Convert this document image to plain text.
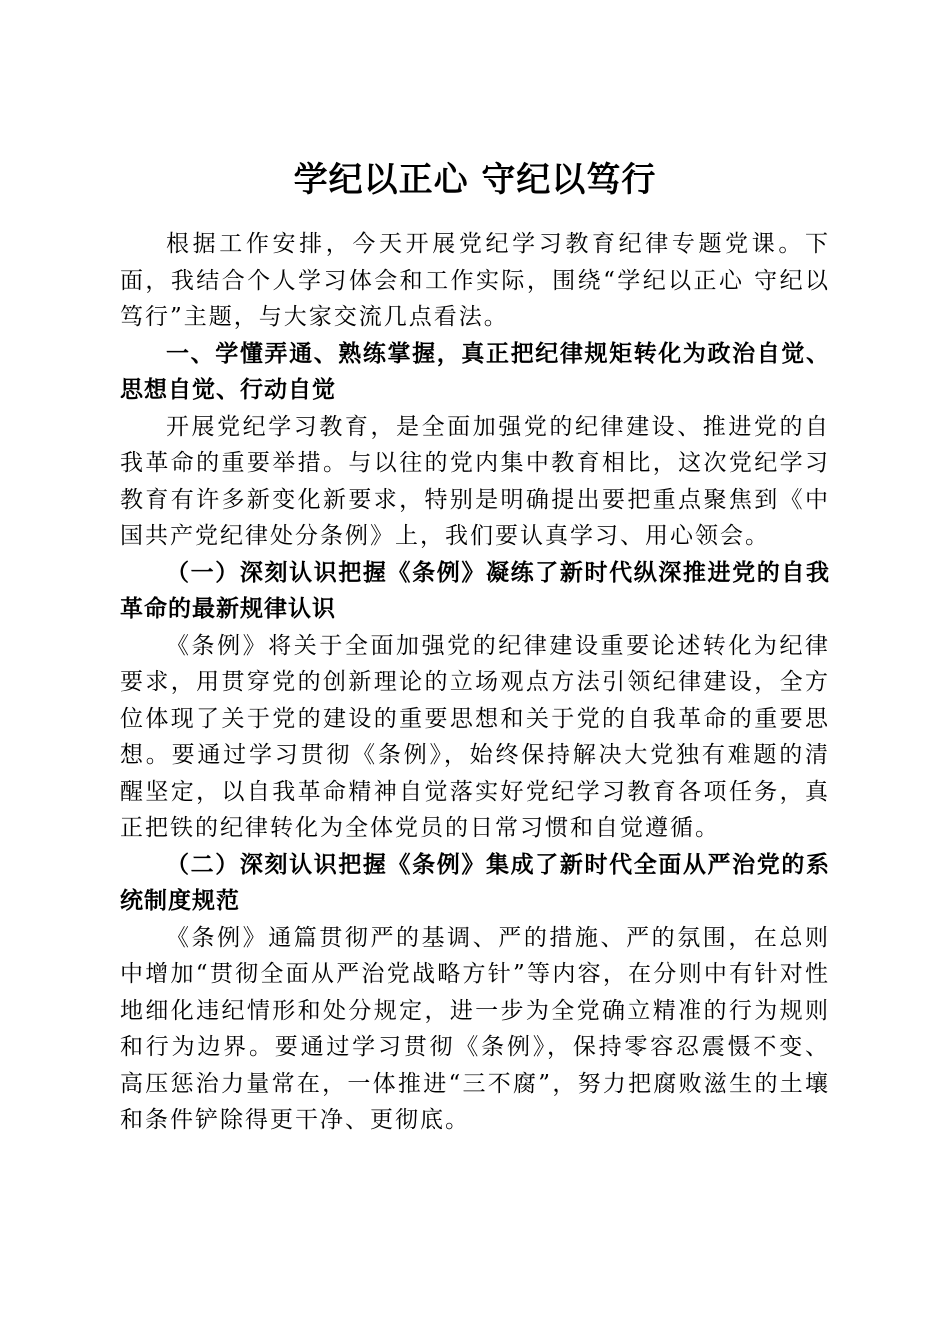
学纪以正心 守纪以笃行

根据工作安排，今天开展党纪学习教育纪律专题党课。下面，我结合个人学习体会和工作实际，围绕“学纪以正心 守纪以笃行”主题，与大家交流几点看法。

一、学懂弄通、熟练掌握，真正把纪律规矩转化为政治自觉、思想自觉、行动自觉

开展党纪学习教育，是全面加强党的纪律建设、推进党的自我革命的重要举措。与以往的党内集中教育相比，这次党纪学习教育有许多新变化新要求，特别是明确提出要把重点聚焦到《中国共产党纪律处分条例》上，我们要认真学习、用心领会。

（一）深刻认识把握《条例》凝练了新时代纵深推进党的自我革命的最新规律认识

《条例》将关于全面加强党的纪律建设重要论述转化为纪律要求，用贯穿党的创新理论的立场观点方法引领纪律建设，全方位体现了关于党的建设的重要思想和关于党的自我革命的重要思想。要通过学习贯彻《条例》，始终保持解决大党独有难题的清醒坚定，以自我革命精神自觉落实好党纪学习教育各项任务，真正把铁的纪律转化为全体党员的日常习惯和自觉遵循。

（二）深刻认识把握《条例》集成了新时代全面从严治党的系统制度规范

《条例》通篇贯彻严的基调、严的措施、严的氛围，在总则中增加“贯彻全面从严治党战略方针”等内容，在分则中有针对性地细化违纪情形和处分规定，进一步为全党确立精准的行为规则和行为边界。要通过学习贯彻《条例》，保持零容忍震慑不变、高压惩治力量常在，一体推进“三不腐”，努力把腐败滋生的土壤和条件铲除得更干净、更彻底。
